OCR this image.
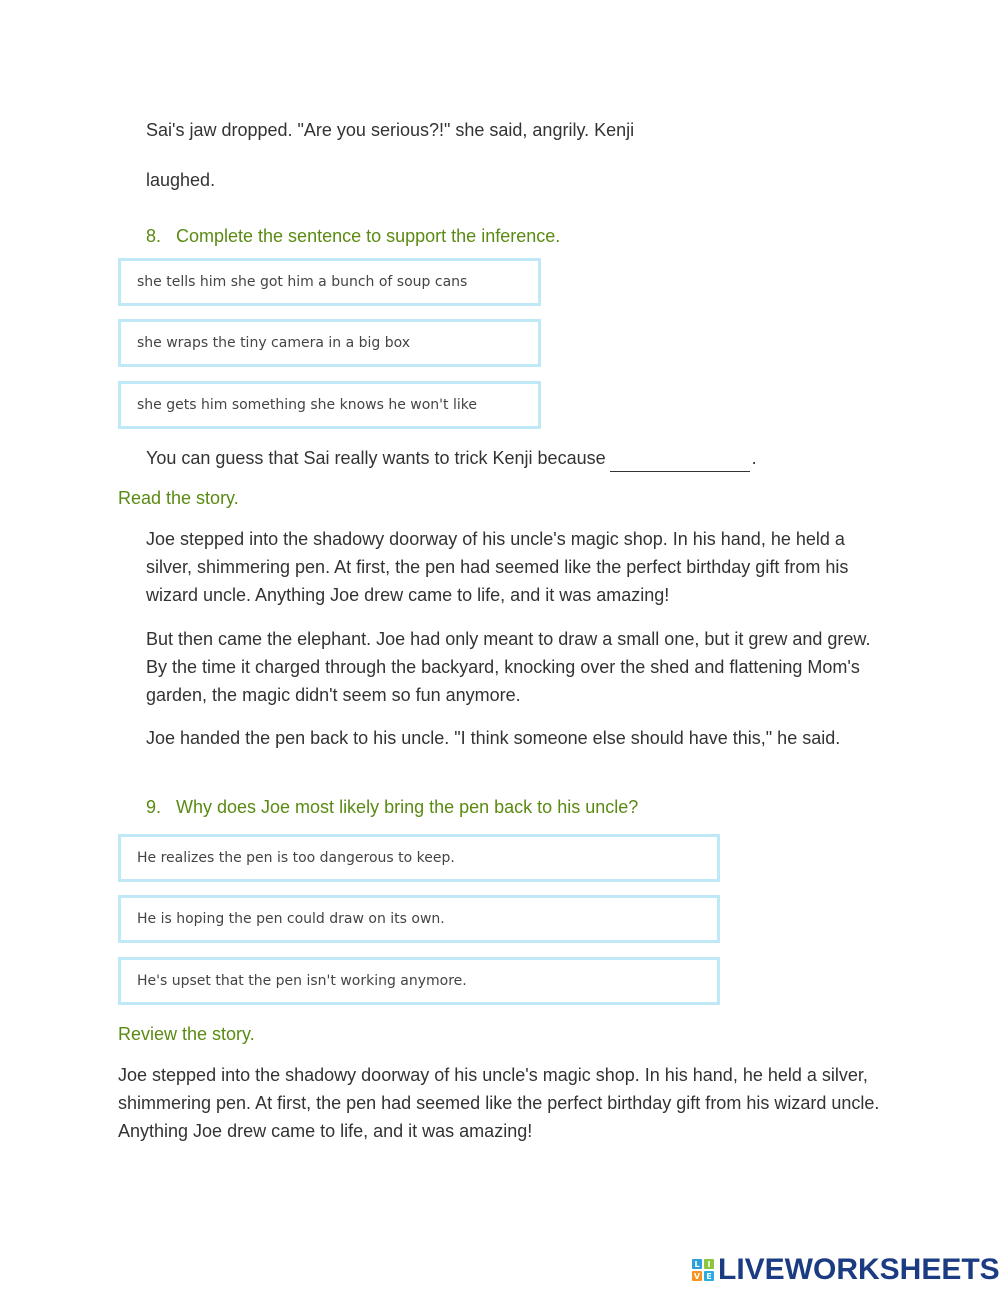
Sai's jaw dropped. "Are you serious?!" she said, angrily. Kenji

laughed.

8. Complete the sentence to support the inference.

she tells him she got him a bunch of soup cans
she wraps the tiny camera in a big box
she gets him something she knows he won't like

You can guess that Sai really wants to trick Kenji because	.

Read the story.

Joe stepped into the shadowy doorway of his uncle's magic shop. In his hand, he held a silver, shimmering pen. At first, the pen had seemed like the perfect birthday gift from his wizard uncle. Anything Joe drew came to life, and it was amazing!

But then came the elephant. Joe had only meant to draw a small one, but it grew and grew. By the time it charged through the backyard, knocking over the shed and flattening Mom's garden, the magic didn't seem so fun anymore.

Joe handed the pen back to his uncle. "I think someone else should have this," he said.

9. Why does Joe most likely bring the pen back to his uncle?

He realizes the pen is too dangerous to keep.
He is hoping the pen could draw on its own.
He's upset that the pen isn't working anymore.

Review the story.

Joe stepped into the shadowy doorway of his uncle's magic shop. In his hand, he held a silver, shimmering pen. At first, the pen had seemed like the perfect birthday gift from his wizard uncle. Anything Joe drew came to life, and it was amazing!

L I
V E LIVEWORKSHEETS
